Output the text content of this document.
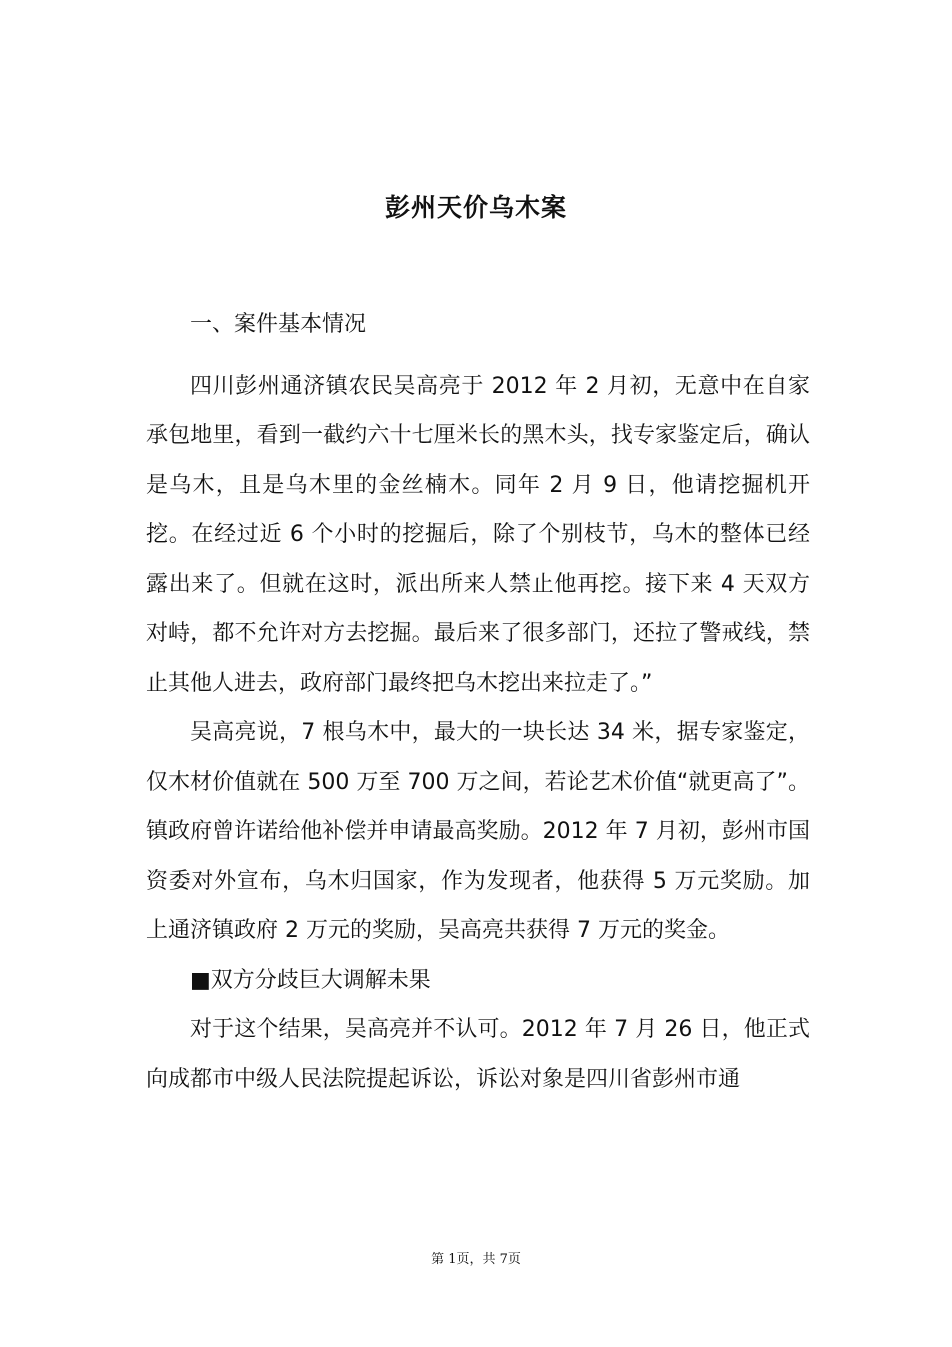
彭州天价乌木案

一、案件基本情况

四川彭州通济镇农民吴高亮于 2012 年 2 月初，无意中在自家承包地里，看到一截约六十七厘米长的黑木头，找专家鉴定后，确认是乌木，且是乌木里的金丝楠木。同年 2 月 9 日，他请挖掘机开挖。在经过近 6 个小时的挖掘后，除了个别枝节，乌木的整体已经露出来了。但就在这时，派出所来人禁止他再挖。接下来 4 天双方对峙，都不允许对方去挖掘。最后来了很多部门，还拉了警戒线，禁止其他人进去，政府部门最终把乌木挖出来拉走了。”

吴高亮说，7 根乌木中，最大的一块长达 34 米，据专家鉴定，仅木材价值就在 500 万至 700 万之间，若论艺术价值“就更高了”。镇政府曾许诺给他补偿并申请最高奖励。2012 年 7 月初，彭州市国资委对外宣布，乌木归国家，作为发现者，他获得 5 万元奖励。加上通济镇政府 2 万元的奖励，吴高亮共获得 7 万元的奖金。

■双方分歧巨大调解未果

对于这个结果，吴高亮并不认可。2012 年 7 月 26 日，他正式向成都市中级人民法院提起诉讼，诉讼对象是四川省彭州市通

第 1页，共 7页
